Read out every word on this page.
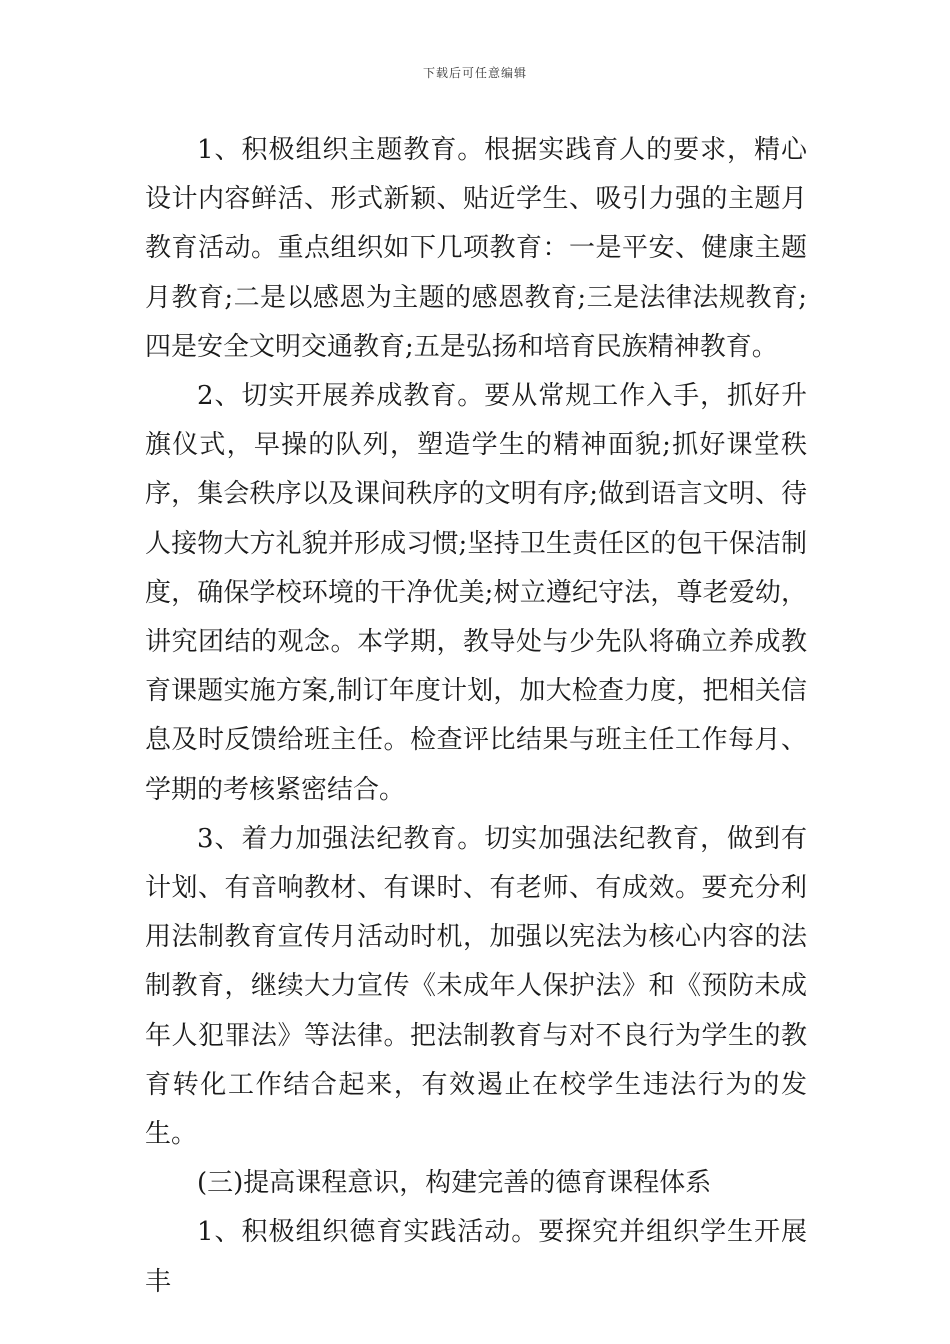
下载后可任意编辑

1、积极组织主题教育。根据实践育人的要求，精心设计内容鲜活、形式新颖、贴近学生、吸引力强的主题月教育活动。重点组织如下几项教育：一是平安、健康主题月教育;二是以感恩为主题的感恩教育;三是法律法规教育;四是安全文明交通教育;五是弘扬和培育民族精神教育。

2、切实开展养成教育。要从常规工作入手，抓好升旗仪式，早操的队列，塑造学生的精神面貌;抓好课堂秩序，集会秩序以及课间秩序的文明有序;做到语言文明、待人接物大方礼貌并形成习惯;坚持卫生责任区的包干保洁制度，确保学校环境的干净优美;树立遵纪守法，尊老爱幼，讲究团结的观念。本学期，教导处与少先队将确立养成教育课题实施方案,制订年度计划，加大检查力度，把相关信息及时反馈给班主任。检查评比结果与班主任工作每月、学期的考核紧密结合。

3、着力加强法纪教育。切实加强法纪教育，做到有计划、有音响教材、有课时、有老师、有成效。要充分利用法制教育宣传月活动时机，加强以宪法为核心内容的法制教育，继续大力宣传《未成年人保护法》和《预防未成年人犯罪法》等法律。把法制教育与对不良行为学生的教育转化工作结合起来，有效遏止在校学生违法行为的发生。

(三)提高课程意识，构建完善的德育课程体系

1、积极组织德育实践活动。要探究并组织学生开展丰
